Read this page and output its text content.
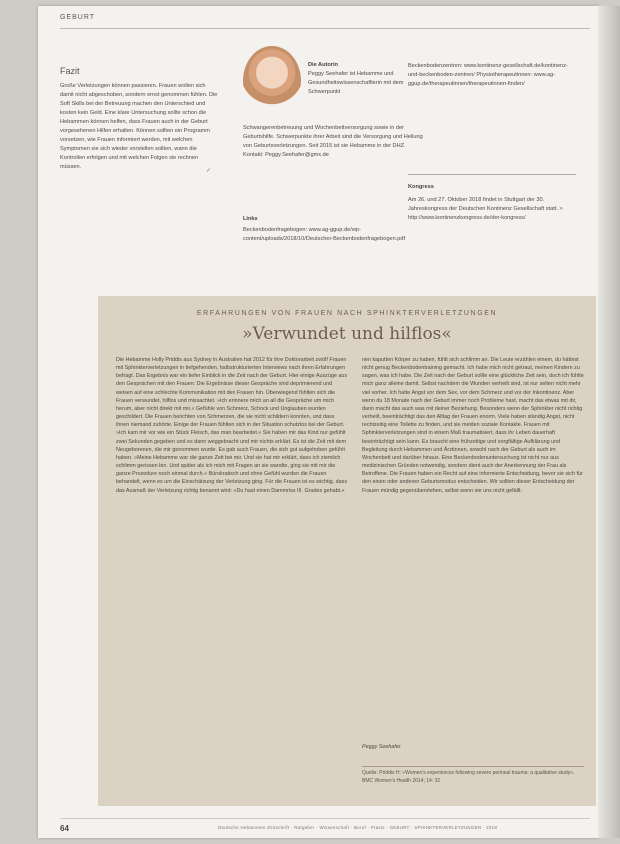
GEBURT
Fazit
Große Verletzungen können passieren. Frauen wollen sich damit nicht abgeschoben, sondern ernst genommen fühlen. Die Soft Skills bei der Betreuung machen den Unterschied und kosten kein Geld. Eine klare Untersuchung sollte schon die Hebammen können helfen, dass Frauen auch in der Geburt vorgesehenen Hilfen erhalten. Können sollten ein Programm vorsetzen, wie Frauen informiert werden, mit welchen Symptomen sie sich wieder vorstellen sollten, wann die Kontrollen erfolgen und mit welchen Folgen sie rechnen müssen.
✓
Die Autorin
Peggy Seehafer ist Hebamme und Gesundheitswissenschaftlerin mit dem Schwerpunkt
Schwangerenbetreuung und Wochenbettversorgung sowie in der Geburtshilfe. Schwerpunkte ihrer Arbeit sind die Versorgung und Heilung von Geburtsverletzungen. Seit 2015 ist sie Hebamme in der DHZ. Kontakt: Peggy.Seehafer@gmx.de
Links
Beckenbodenfragebogen: www.ag-ggup.de/wp-content/uploads/2018/10/Deutscher-Beckenbodenfragebogen.pdf
Beckenbodenzentren: www.kontinenz-gesellschaft.de/kontinenz-und-beckenboden-zentren/ Physiotherapeutinnen: www.ag-ggup.de/therapeutinnen/therapeutinnen-finden/
Kongress
Am 26. und 27. Oktober 2018 findet in Stuttgart der 30. Jahreskongress der Deutschen Kontinenz Gesellschaft statt. > http://www.kontinenzkongress.de/der-kongress/
ERFAHRUNGEN VON FRAUEN NACH SPHINKTERVERLETZUNGEN
»Verwundet und hilflos«
Die Hebamme Holly Priddis aus Sydney in Australien hat 2012 für ihre Doktorarbeit zwölf Frauen mit Sphinkterverletzungen in tiefgehenden, halbstrukturierten Interviews nach ihren Erfahrungen befragt. Das Ergebnis war ein tiefer Einblick in die Zeit nach der Geburt. Hier einige Auszüge aus den Gesprächen mit den Frauen: Die Ergebnisse dieser Gespräche sind deprimierend und weisen auf eine schlechte Kommunikation mit den Frauen hin. Überwiegend fühlten sich die Frauen verwundet, hilflos und missachtet. »Ich erinnere mich an all die Gespräche um mich herum, aber nicht direkt mit mir.« Gefühle von Schmerz, Schock und Unglauben wurden geschildert. Die Frauen berichten von Schmerzen, die sie nicht schildern konnten, und dass ihnen niemand zuhörte. Einige der Frauen fühlten sich in der Situation schutzlos bei der Geburt. »Ich kam mir vor wie ein Stück Fleisch, das man bearbeitet.« Sie haben mir das Kind nur gefühlt zwei Sekunden gegeben und es dann weggebracht und mir nichts erklärt. Es ist die Zeit mit dem Neugeborenen, die mir genommen wurde. Es gab auch Frauen, die sich gut aufgehoben gefühlt haben. »Meine Hebamme war die ganze Zeit bei mir. Und sie hat mir erklärt, dass ich ziemlich schlimm gerissen bin. Und später als ich mich mit Fragen an sie wandte, ging sie mit mir die ganze Prozedure noch einmal durch.« Bürokratisch und ohne Gefühl wurden die Frauen behandelt, wenn es um die Einschätzung der Verletzung ging. Für die Frauen ist es wichtig, dass das Ausmaß der Verletzung richtig benannt wird: »Du hast einen Dammriss III. Grades gehabt.«
nen kaputten Körper zu haben, fühlt sich schlimm an. Die Leute erzählen einem, du hättest nicht genug Beckenbodentraining gemacht. Ich habe mich nicht getraut, meinen Kindern zu sagen, was ich habe. Die Zeit nach der Geburt sollte eine glückliche Zeit sein, doch ich fühlte mich ganz alleine damit. Selbst nachdem die Wunden verheilt sind, ist nur selten nicht mehr viel vorher. Ich hatte Angst vor dem Sex, vor dem Schmerz und vor der Inkontinenz. Aber wenn du 18 Monate nach der Geburt immer noch Probleme hast, macht das etwas mit dir, dann macht das auch was mit deiner Beziehung. Besonders wenn der Sphinkter nicht richtig verheilt, beeinträchtigt das den Alltag der Frauen enorm. Viele haben ständig Angst, nicht rechtzeitig eine Toilette zu finden, und sie meiden soziale Kontakte. Frauen mit Sphinkterverletzungen sind in einem Maß traumatisiert, dass ihr Leben dauerhaft beeinträchtigt sein kann. Es braucht eine frühzeitige und sorgfältige Aufklärung und Begleitung durch Hebammen und Ärztinnen, sowohl nach der Geburt als auch im Wochenbett und darüber hinaus. Eine Beckenbodenuntersuchung ist nicht nur aus medizinischen Gründen notwendig, sondern dient auch der Anerkennung der Frau als Betroffene. Die Frauen haben ein Recht auf eine informierte Entscheidung, bevor sie sich für den einen oder anderen Geburtsmodus entscheiden. Wir sollten dieser Entscheidung der Frauen mündig gegenüberstehen, selbst wenn sie uns nicht gefällt.
Peggy Seehafer
Quelle: Priddis H: »Women's experiences following severe perineal trauma: a qualitative study«. BMC Women's Health 2014; 14: 32
64	Deutsche Hebammen Zeitschrift · Ratgeber · Wissenschaft · Beruf · Praxis · GEBURT · SPHINKTERVERLETZUNGEN · 2018
